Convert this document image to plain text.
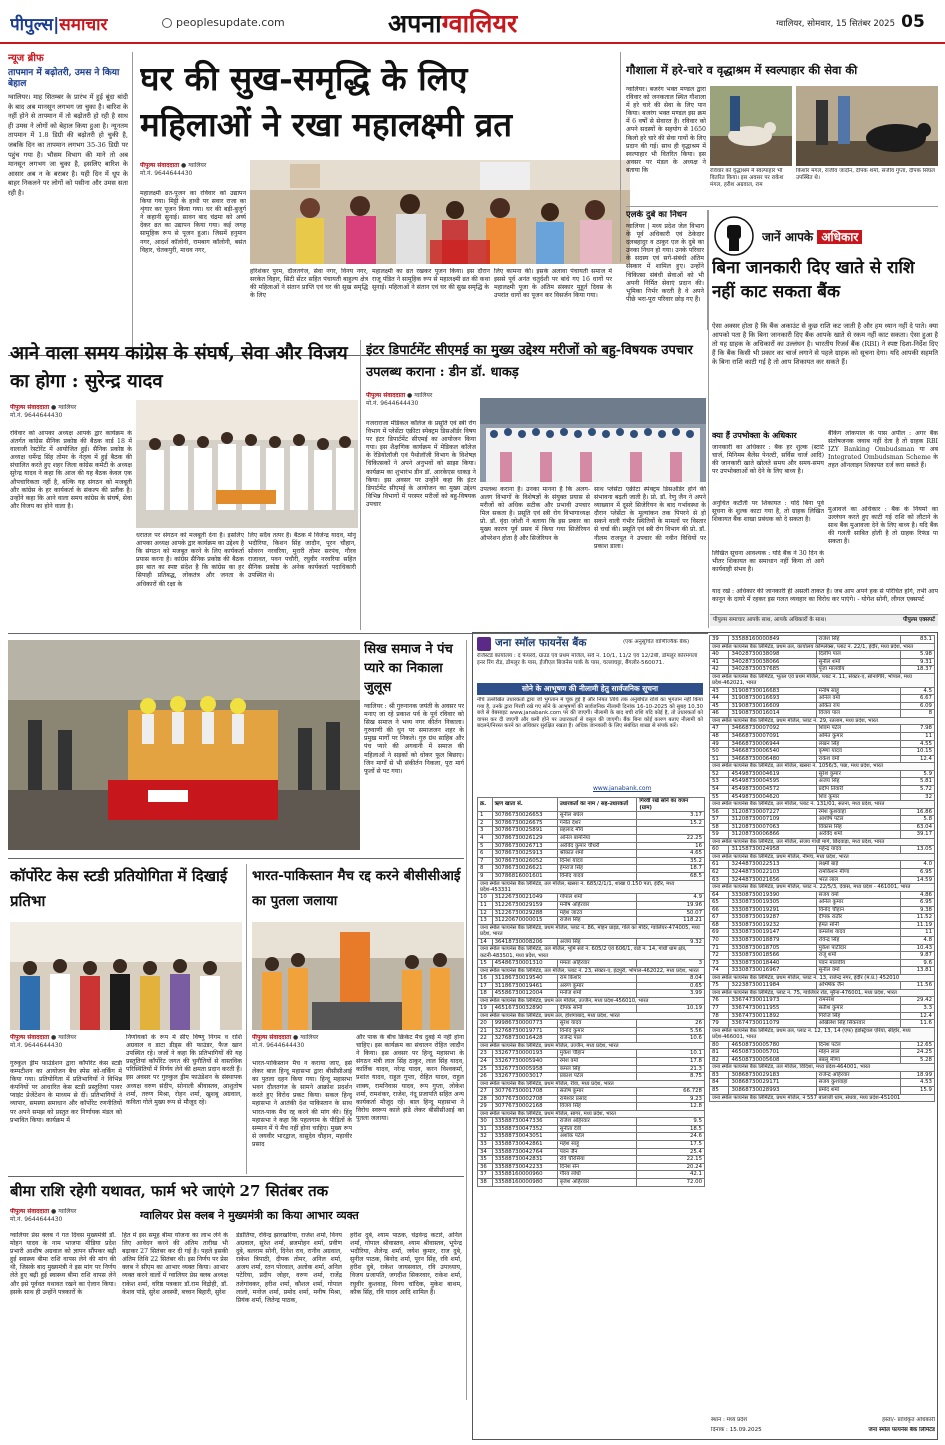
पीपुल्स|समाचार	peoplesupdate.com	अपनाग्वालियर	ग्वालियर, सोमवार, 15 सितंबर 2025 05
न्यूज ब्रीफ
तापमान में बढ़ोतरी, उमस ने किया बेहाल
ग्वालियर। माह सितम्बर के प्रारंभ में हुई बूंदा बांदी के बाद अब मानसून लगभग जा चुका है। बारिश के नहीं होने से तापमान में तो बढ़ोतरी हो रही है साथ ही उमस ने लोगों को बेहाल किया हुआ है। न्यूनतम तापमान में 1.8 डिग्री की बढ़ोतरी हो चुकी है, जबकि दिन का तापमान लगभग 35-36 डिग्री पर पहुंच गया है। भौसम विभाग की माने तो अब मानसून लगभग जा चुका है, इसलिए बारिश के आसार अब न के बराबर है। यही दिन में धूप के बाहर निकलने पर लोगों को पसीना और उमस सता रही है।
घर की सुख-समृद्धि के लिए महिलाओं ने रखा महालक्ष्मी व्रत
पीपुल्स संवाददाता ● ग्वालियर
मो.नं. 9644644430
महालक्ष्मी व्रत-पूजन का रविवार को उद्यापन किया गया। मिट्टी के हाथी पर सवार राजा का शृंगार कर पूजन किया गया। घर की बड़ी-बुजुर्ग ने कहानी सुनाई। सावन बाद चंद्रमा को अर्घ्य देकर व्रत का उद्यापन किया गया। कई जगह सामूहिक रूप से पूजन हुआ। जिसमें हनुमान नगर, आदर्श कॉलोनी, रामबाग कॉलोनी, बसंत विहार, चेतकपुरी, माधव नगर,
हरिशंकर पुरम, दौलतगंज, सेवा नगर, विनय नगर, सरकेत विहार, सिटी सेंटर सहित पंचायती बाहुल्य क्षेत्र की महिलाओं ने संतान प्राप्ति एवं घर की सुख समृद्धि के लिए
महालक्ष्मी का व्रत रखकर पूजन किया। इस दौरान राजू पंडित ने सामूहिक रूप से महालक्ष्मी व्रत की कथा सुनाई। महिलाओं ने संतान एवं घर की सुख समृद्धि के
लिए कामना की। इसके अलावा पंचायती समाज में इससे पूर्व अनंत चतुर्दशी पर बांधे गए 16 धागों पर महालक्ष्मी पूजा के अंतिम संस्कार मुहूर्त दिवस के उपरांत धागों का पूजन कर विसर्जन किया गया।
गौशाला में हरे-चारे व वृद्धाश्रम में स्वल्पाहार की सेवा की
ग्वालियर। बजरंग भक्त मण्डल द्वारा रविवार को जनकताल स्थित गौशाला में हरे चारे की सेवा के लिए पान किया। बजरंग भक्त मण्डल इस क्रम में 6 वर्षों से सेवारत है। रविवार को अपने सदस्यों के सहयोग से 1650 किलो हरे चारे की सेवा गायों के लिए प्रदान की गई। साथ ही वृद्धाश्रम में स्वल्पाहार भी वितरित किया। इस अवसर पर मंडल के अध्यक्ष ने बताया कि	रविवार को वृद्धाश्रम में स्वल्पाहार भी वितरित किया। इस अवसर पर राकेश मंगल, हरीश अग्रवाल, राम
किशोर मंगल, राजीव जादौन, दीपक शर्मा, संजीव गुप्ता, दीपक सिंघल उपस्थित थे।
एलके दुबे का निधन
ग्वालियर | मध्य प्रदेश जेल विभाग के पूर्व अधिकारी एवं ठेकेदार दलबहादुर व ठाकुर एल के दुबे का उनका निधन हो गया। उनके परिवार के सदस्य एवं सगे-संबंधी अंतिम संस्कार में शामिल हुए। उन्होंने चिकित्सा संबंधी सेवाओं को भी अपनी निर्मित सेवाएं प्रदान की। भूमिका निर्भर करती है वे अपने पीछे भरा-पूरा परिवार छोड़ गए हैं।
जानें आपके अधिकार
बिना जानकारी दिए खाते से राशि नहीं काट सकता बैंक
ऐसा अक्सर होता है कि बैंक अकाउंट से कुछ राशि कट जाती है और हम ध्यान नहीं दे पाते। क्या आपको पता है कि बिना जानकारी दिए बैंक आपके खाते से रकम नहीं काट सकता। ऐसा हुआ है तो यह ग्राहक के अधिकारों का उल्लंघन है। भारतीय रिजर्व बैंक (RBI) ने स्पष्ट दिशा-निर्देश दिए हैं कि बैंक किसी भी प्रकार का चार्ज लगाने से पहले ग्राहक को सूचना देगा। यदि आपकी सहमति के बिना राशि काटी गई है तो आप शिकायत कर सकते हैं।
क्या हैं उपभोक्ता के अधिकार
जानकारी का अधिकार : बैंक हर शुल्क (स्टार्ट चार्ज, मिनिमम बैलेंस पेनल्टी, सर्विस चार्ज आदि) की जानकारी खाते खोलते समय और समय-समय पर उपभोक्ताओं को देने के लिए बाध्य है।
अनुचित कटौती पर शिकायत : यदि बिना पूर्व सूचना के शुल्क काटा गया है, तो ग्राहक लिखित शिकायत बैंक शाखा प्रबंधक को दे सकता है।
लिखित सूचना आवश्यक : यदि बैंक ने 30 दिन के भीतर शिकायत का समाधान नहीं किया तो आगे कार्यवाही संभव है।
बैंकिंग लोकपाल के पास अपील : अगर बैंक संतोषजनक जवाब नहीं देता है तो ग्राहक RBI IZY Banking Ombudsman या अब Integrated Ombudsman Scheme के तहत ऑनलाइन शिकायत दर्ज करा सकते हैं।
मुआवजे का अधिकार : बैंक के नियमों का उल्लंघन करते हुए काटी गई राशि को लौटाने के साथ बैंक मुआवजा देने के लिए बाध्य है। यदि बैंक की गलती साबित होती है तो ग्राहक रिफंड पा सकता है।
याद रखें : अधिकार की जानकारी ही असली ताकत है। जब आप अपने हक से परिचित होंगे, तभी आप कानून के दायरे में रहकर इस गलत व्यवहार का विरोध कर पाएंगे। - योगेश सोनी, लीगल एक्सपर्ट
पीपुल्स समाचार आपके साथ, आपके अधिकारों के साथ।	पीपुल्स एक्सपर्ट
आने वाला समय कांग्रेस के संघर्ष, सेवा और विजय का होगा : सुरेन्द्र यादव
पीपुल्स संवाददाता ● ग्वालियर
मो.नं. 9644644430
रविवार को आपका अध्यक्ष आपके द्वार कार्यक्रम के अंतर्गत कांग्रेस सैनिक प्रकोष्ठ की बैठक वार्ड 18 में वालाजी रेस्टोरेंट में आयोजित हुई। सैनिक प्रकोष्ठ के अध्यक्ष धर्मेन्द्र सिंह तोमर के नेतृत्व में हुई बैठक की संचालित करते हुए शहर जिला कांग्रेस कमेटी के अध्यक्ष सुरेन्द्र यादव ने कहा कि आज की यह बैठक केवल एक औपचारिकता नहीं है, बल्कि यह संगठन को मजबूती और कांग्रेस के हर कार्यकर्ता के संकल्प की प्रतीक है। उन्होंने कहा कि आने वाला समय कांग्रेस के संघर्ष, सेवा और विजय का होने वाला है।
धरातल पर संगठन को मजबूती देना है। इसलिए आपका अध्यक्ष आपके द्वार कार्यक्रम का उद्देश्य है कि संगठन को मजबूत करने के लिए कार्यकर्ता प्रयास करना है। कांग्रेस सैनिक प्रकोष्ठ की बैठक इस बात का स्पष्ट संदेश है कि कांग्रेस का हर सिपाही प्रतिबद्ध, लोकतंत्र और जनता के अधिकारों की रक्षा के
लिए सदैव तत्पर है। बैठक में विजेन्द्र यादव, मोनू भदौरिया, किशन सिंह जादौन, पूरन चौहान, सोवरन नरवरिया, मुरारी तोमर सरपंच, गौरव राजावत, पवन पचौरी, रघुवीर नरवरिया सहित सैनिक प्रकोष्ठ के अनेक कार्यकर्ता पदाधिकारी उपस्थित थे।
इंटर डिपार्टमेंट सीएमई का मुख्य उद्देश्य मरीजों को बहु-विषयक उपचार उपलब्ध कराना : डीन डॉ. धाकड़
पीपुल्स संवाददाता ● ग्वालियर
मो.नं. 9644644430
गजराराजा मेडिकल कॉलेज के प्रसूति एवं स्त्री रोग विभाग में प्लेसेंटा एक्रीटा स्पेक्ट्रम डिसऑर्डर विषय पर इंटर डिपार्टमेंट सीएमई का आयोजन किया गया। इस शैक्षणिक कार्यक्रम में मेडिकल कॉलेज के रेडियोलॉजी एवं पैथोलॉजी विभाग के विशेषज्ञ चिकित्सकों ने अपने अनुभवों को साझा किया। कार्यक्रम का शुभारंभ डीन डॉ. आरकेएस धाकड़ ने किया। इस अवसर पर उन्होंने कहा कि इंटर डिपार्टमेंट सीएमई के आयोजन का मुख्य उद्देश्य विभिन्न विभागों में परस्पर मरीजों को बहु-विषयक उपचार
उपलब्ध कराना है। उनका मानना है कि अलग-अलग विभागों के विशेषज्ञों के संयुक्त प्रयास से मरीजों को अधिक सटीक और प्रभावी उपचार मिल सकता है। प्रसूति एवं स्त्री रोग विभागाध्यक्ष प्रो. डॉ. वृंदा जोशी ने बताया कि इस प्रकार का मुख्य कारण पूर्व प्रसव में किया गया सिजेरियन ऑपरेशन होता है और सिजेरियन के
साथ प्लेसेंटा एक्रीटा स्पेक्ट्रम डिसऑर्डर होने की संभावना बढ़ती जाती है। प्रो. डॉ. रेणु जैन ने अपने व्याख्यान में दूसरे सिजेरियन के बाद गर्भावस्था के दौरान प्लेसेंटा के मूल्यांकन तक पिपरने से हो सकने वाली गंभीर स्थितियों के मामलों पर विस्तार से चर्चा की। प्रसूति एवं स्त्री रोग विभाग की प्रो. डॉ. नीलम राजपूत ने उपचार की नवीन विधियों पर प्रकाश डाला।
सिख समाज ने पंच प्यारे का निकाला जुलूस
ग्वालियर : श्री गुरुनानक जयंती के अवसर पर मनाए जा रहे प्रकाश पर्व के पूर्व रविवार को सिख समाज ने भव्य नगर कीर्तन निकाला। गुरुवाणी की धुन पर समाजजन शहर के प्रमुख मार्गों पर निकले। गुरु ग्रंथ साहिब और पंच प्यारे की अगवानी में समाज की महिलाओं ने सड़कों को धोकर फूल बिछाए। जिन मार्गों से भी संकीर्तन निकला, पूरा मार्ग फूलों से पट गया।
कॉर्पोरेट केस स्टडी प्रतियोगिता में दिखाई प्रतिभा
पीपुल्स संवाददाता ● ग्वालियर
मो.नं. 9644644430
गुरुकुल ड्रीम फाउंडेशन द्वारा कॉर्पोरेट केस स्टडी कम्पटीशन का आयोजन बैच स्पेस को-वर्किंग में किया गया। प्रतियोगिता में प्रतिभागियों ने विभिन्न कंपनियों पर आधारित केस स्टडी प्रस्तुतियां पावर प्वाइंट प्रेजेंटेशन के माध्यम से दीं। प्रतिभागियों ने व्यापार, समस्या समाधान और कॉर्पोरेट रणनीतियों पर अपने समझ को प्रस्तुत कर निर्णायक मंडल को प्रभावित किया। कार्यक्रम में
निर्णायकों के रूप में सीए विष्णु निगम व राशि अग्रवाल व डाटा डीड्स की फाउंडर, फैज खान उपस्थित रहे। जजों ने कहा कि प्रतिभागियों की यह प्रस्तुतियां कॉर्पोरेट जगत की चुनौतियों से वास्तविक परिस्थितियों में निर्णय लेने की क्षमता प्रदान करती हैं। इस अवसर पर गुरुकुल ड्रीम फाउंडेशन के संस्थापक अध्यक्ष वरुण संदीप, सोनाली श्रीवास्तव, आशुतोष शर्मा, तरुण मिश्रा, रोहन शर्मा, खुशबू अग्रवाल, कविता गोले मुख्य रूप से मौजूद रहे।
भारत-पाकिस्तान मैच रद्द करने बीसीसीआई का पुतला जलाया
पीपुल्स संवाददाता ● ग्वालियर
मो.नं. 9644644430
भारत-पाकिस्तान मैच न कराया जाए, इसे लेकर बाल हिन्दू महासभा द्वारा बीसीसीआई का पुतला दहन किया गया। हिन्दू महासभा भवन दौलतगंज के सामने आक्रोश प्रदर्शन करते हुए विरोध प्रकट किया। सकल हिन्दू महासभा ने आतंकी देश पाकिस्तान के साथ भारत-पाक मैच रद्द करने की मांग की। हिंदू महासभा ने कहा कि पहलगाम के पीड़ितों के सम्मान में ये मैच नहीं होना चाहिए। मुख्य रूप से जयवीर भारद्वाज, वासुदेव चौहान, महावीर प्रसाद
और पाक के बीच क्रिकेट मैच दुबई में नहीं होना चाहिए। इस कार्यक्रम का संचालन रोहित जादौन ने किया। इस अवसर पर हिन्दू महासभा के संगठन मंत्री लाल सिंह ठाकुर, लाल सिंह यादव, कार्तिक यादव, नरेन्द्र यादव, करन विश्वकर्मा, प्रशांत यादव, राहुल गुप्ता, रोहित यादव, राहुल शाक्य, रामनिवास यादव, रूप गुप्ता, लोकेश शर्मा, रामशंकर, राजेश, नंदू प्रजापति सहित अन्य कार्यकर्ता मौजूद रहे। बाल हिन्दू महासभा ने विरोध स्वरूप काले झंडे लेकर बीसीसीआई का पुतला जलाया।
बीमा राशि रहेगी यथावत, फार्म भरे जाएंगे 27 सितंबर तक
पीपुल्स संवाददाता ● ग्वालियर
मो.नं. 9644644430	ग्वालियर प्रेस क्लब ने मुख्यमंत्री का किया आभार व्यक्त
ग्वालियर प्रेस क्लब ने गत दिवस मुख्यमंत्री डॉ. मोहन यादव के नाम भाजपा मीडिया प्रदेश प्रभारी आशीष अग्रवाल को ज्ञापन सौंपकर बढ़ी हुई स्वास्थ्य बीमा राशि वापस लेने की मांग की थी, जिसके बाद मुख्यमंत्री ने इस मांग पर निर्णय लेते हुए बढ़ी हुई स्वास्थ्य बीमा राशि वापस लेने और इसे पूर्ववत यथावत रखने का ऐलान किया। इसके साथ ही उन्होंने पत्रकारों के
हित में इस समूह बीमा योजना का लाभ लेने के लिए आवेदन करने की अंतिम तारीख भी बढ़ाकर 27 सितंबर कर दी गई है। पहले इसकी अंतिम तिथि 22 सितंबर थी। इस निर्णय पर प्रेस क्लब ने सीएम का आभार व्यक्त किया। आभार व्यक्त करने वालों में ग्वालियर प्रेस क्लब अध्यक्ष राकेश शर्मा, वरिष्ठ पत्रकार डॉ.राम विद्रोही, डॉ. केशव पांडे, सुरेश अवस्थी, बच्चन बिहारी, सुरेश
डंडोतिया, रविन्द्र झारखरिया, राजेश शर्मा, विनय अग्रवाल, सुरेश शर्मा, ब्रजमोहन शर्मा, प्रवीण दुबे, बलराम सोनी, दिनेश राव, रानीव अग्रवाल, राकेश त्रिपाठी, दीपक तोमर, अनिल शर्मा, अजय शर्मा, रतन पोरवाल, अलोक शर्मा, अनिल पटेरिया, प्रदीप जोहर, वरुण शर्मा, राजेंद्र तलेगांवकर, हरीश शर्मा, कौशल शर्मा, गोपाल लालो, मनोज शर्मा, प्रमोद शर्मा, मनीष मिश्रा, प्रियंक शर्मा, जितेन्द्र पाठक,
हरीश दुबे, श्याम पाठक, चंद्रवेन्द्र कटारे, अनिल शर्मा, गोपाल श्रीवास्तव, श्याम श्रीवास्तव, भूपेन्द्र भदौरिया, शैलेन्द्र शर्मा, जयेश कुमार, राज दुबे, सुनील पाठक, बिनोद शर्मा, पूरन सिंह, रवि शर्मा, हरीश दुबे, राकेश जायसवाल, रवि उपाध्याय, विजय प्रजापति, जगदीश सिकरवार, राकेश शर्मा, रघुवीर कुशवाह, विनय चांदिक, मुकेश बाथम, कौक सिंह, रवि यादव आदि शामिल हैं।
जना स्मॉल फायनेंस बैंक	(एक अनुसूचित वाणिज्यिक बैंक)
रजिस्टर्ड कार्यालय : द फेयरवे, ग्राउंड एवं प्रथम मंजिल, सर्वे न. 10/1, 11/2 एवं 12/2बी, डोमलुर कोरमंगला इनर रिंग रोड, डोमलुर के पास, ईजीएल बिजनेस पार्क के पास, चल्लाघट्टा, बैंगलोर-560071.
सोने के आभूषण की नीलामी हेतु सार्वजनिक सूचना
नीचे उल्लेखित उधारकर्ता द्वारा जो भुगतान में चूक हुई है और नियत तिथि तक अनुबंधित राशि का भुगतान नहीं किया गया है, उनके द्वारा गिरवी रखे गए सोने के आभूषणों की सार्वजनिक नीलामी दिनांक 16-10-2025 को सुबह 10.30 बजे से वेबसाइट www.janabank.com पर की जाएगी। नीलामी के बाद बची राशि यदि कोई है, तो उधारकर्ता को वापस कर दी जाएगी और कमी होने पर उधारकर्ता से वसूल की जाएगी। बैंक बिना कोई कारण बताए नीलामी को बदलने/निरस्त करने का अधिकार सुरक्षित रखता है। अधिक जानकारी के लिए संबंधित शाखा से संपर्क करें।
www.janabank.com
क्र.	ऋण खाता सं.	उधारकर्ता का नाम / सह-उधारकर्ता	गिरवी रखे सोने का वजन (ग्राम)
1	30786730026653	सुनील बघेल	3.17
2	30786730026675	गनीत देशर	15.2
3	30786730025891	प्रहलाद मौर्य	
4	30786730026129	अनिल बामनिया	22.25
5	30786730026713	अरविंद कुमार चौधरी	16
6	30786730025913	श्रीकांत शर्मा	4.65
7	30786730026052	दिनेश यादव	35.2
8	30786730026621	हेमराज सिंह	18.7
9	30786816001601	विनोद यादव	68.5
जना स्मॉल फायनेंस बैंक लिमिटेड, तल मंजिल, खसरा नं. 685/2/1/1, शाखा 0.150 पता, इंदौर, मध्य प्रदेश-453331			
10	31226730021049	गोपाल शर्मा	4.9
11	31226730029159	मनीष अहिरवार	19.96
12	31226730029288	महेश जाटव	50.07
13	31220670000015	राजेश सिंह	118.21
जना स्मॉल फायनेंस बैंक लिमिटेड, प्रथम मंजिल, प्लाट नं. 86, मोहन प्राइड, गोले का मंदिर, ग्वालियर-474005, मध्य प्रदेश, भारत			
14	36418730008206	अजय सिंह	9.32
जना स्मॉल फायनेंस बैंक लिमिटेड, तल मंजिल, भूमि सर्वे नं. 605/2 एवं 606/1, वार्ड नं. 14, गांधी धाम क्षेत्र, कटनी-483501, मध्य प्रदेश, भारत			
15	45486730001310	ममता अहिरवार	3
जना स्मॉल फायनेंस बैंक लिमिटेड, तल मंजिल, प्लाट नं. 23, सेक्टर-ए, इंद्रपुरी, भोपाल-462022, मध्य प्रदेश, भारत			
16	31186730019540	राम किशोर	8.04
17	31186730019461	अरुण कुमार	0.65
18	45586730012004	मनोज शर्मा	3.99
जना स्मॉल फायनेंस बैंक लिमिटेड, प्रथम तल मंजिल, उज्जैन, मध्य प्रदेश-456010, भारत			
19	46516730032890	दीपक सोनी	10.19
जना स्मॉल फायनेंस बैंक लिमिटेड, प्रथम तल, होशंगाबाद, मध्य प्रदेश, भारत			
20	99986730000773	सुरेश यादव	26
21	32768730019771	विनोद कुमार	5.56
22	32768730016428	राजेन्द्र पाल	10.6
जना स्मॉल फायनेंस बैंक लिमिटेड, प्रथम मंजिल, उज्जैन, मध्य प्रदेश, भारत			
23	33267730000193	मुकेश चौहान	10.1
24	33267730005940	रमेश वर्मा	17.8
25	33267730005958	कमल सिंह	21.3
26	33267730003017	प्रकाश पटेल	8.75
जना स्मॉल फायनेंस बैंक लिमिटेड, प्रथम मंजिल, रीवा, मध्य प्रदेश, भारत			
27	30776730001708	संतोष कुमार	66.728
28	30776730002708	रामेश्वर प्रसाद	9.23
29	30776730002168	विजय सिंह	12.8
जना स्मॉल फायनेंस बैंक लिमिटेड, प्रथम मंजिल, सागर, मध्य प्रदेश, भारत			
30	33588730047336	राजेश अहिरवार	9.5
31	33588730047352	सुनीता देवी	18.5
32	33588730043051	अशोक पटेल	24.6
33	33588730042861	महेश साहू	17.5
34	33588730042764	पवन जैन	25.4
35	33588730042831	रवि चौरसिया	22.15
36	33588730042233	दिनेश सेन	20.24
37	33588160000960	गौरव लोधी	42.1
38	33588160000980	बृजेश अहिरवार	72.00
39	33588160000849	राजेश सिंह	83.1
जना स्मॉल फायनेंस बैंक लिमिटेड, प्रथम तल, कार्यालय कॉम्प्लेक्स, प्लाट नं. 22/1, इंदौर, मध्य प्रदेश, भारत			
40	34028730038098	दिलीप पाल	5.98
41	34028730038066	सुनील शर्मा	9.31
42	34028730037685	पूजा मालवीय	18.37
जना स्मॉल फायनेंस बैंक लिमिटेड, भूतल एवं प्रथम मंजिल, प्लाट नं. 11, सेक्टर-ए, सोनागिरि, भोपाल, मध्य प्रदेश-462021, भारत			
43	31908730016683	मनीष साहू	4.5
44	31908730016693	अनिल वर्मा	6.67
45	31908730016609	अंकित राय	6.09
46	31908730016014	विजय पाल	8
जना स्मॉल फायनेंस बैंक लिमिटेड, प्रथम मंजिल, प्लाट नं. 29, रतलाम, मध्य प्रदेश, भारत			
47	34668730007092	शिवम पटेल	7.98
48	34668730007091	अमित कुमार	11
49	34668730006944	लखन सिंह	4.55
50	34668730006540	कृष्णा यादव	10.15
51	34668730006480	राकेश वर्मा	12.4
जना स्मॉल फायनेंस बैंक लिमिटेड, तल मंजिल, खसरा नं. 1056/3, पन्ना, मध्य प्रदेश, भारत			
52	45498730004619	सुरेश कुमार	5.9
53	45498730004595	अजय सिंह	5.81
54	45498730004572	प्रदीप तिवारी	5.72
55	45498730004620	शिव कुमार	32
जना स्मॉल फायनेंस बैंक लिमिटेड, तल मंजिल, प्लाट नं. 131/01, सतना, मध्य प्रदेश, भारत			
56	31208730007227	रमेश कुशवाहा	16.86
57	31208730007109	आशीष पटेल	5.8
58	31208730007063	विकास सिंह	63.04
59	31208730006866	अरविंद शर्मा	39.17
जना स्मॉल फायनेंस बैंक लिमिटेड, तल मंजिल, संजय गांधी मार्ग, छिंदवाड़ा, मध्य प्रदेश, भारत			
60	31158730024958	महेन्द्र यादव	13.05
जना स्मॉल फायनेंस बैंक लिमिटेड, प्रथम मंजिल, नीमच, मध्य प्रदेश, भारत			
61	32448730022513	लक्ष्मी बाई	4.0
62	32448730022103	रामकिशन मीणा	6.95
63	32448730021656	भरत लाल	14.59
जना स्मॉल फायनेंस बैंक लिमिटेड, प्रथम मंजिल, प्लाट नं. 22/5/3, देवास, मध्य प्रदेश - 461001, भारत			
64	33308730019390	संजय वर्मा	4.86
65	33308730019305	अनिल कुमार	6.95
66	33308730019291	विनोद चौहान	9.38
67	33308730019287	दीपक राठौर	11.52
68	33308730019232	हेमंत सोनी	11.19
69	33308730019147	कमलेश यादव	11
70	33308730018879	रविन्द्र सिंह	4.8
71	33308730018705	मुकेश पाटीदार	10.43
72	33308730018566	राजू शर्मा	9.87
73	33308730018440	पवन मालवीय	9.6
74	33308730016967	सुनील वर्मा	13.81
जना स्मॉल फायनेंस बैंक लिमिटेड, प्रथम मंजिल, प्लाट नं. 13, राजेन्द्र नगर, इंदौर (म.प्र.) 452010			
75	32238730011984	अभिषेक जैन	11.56
जना स्मॉल फायनेंस बैंक लिमिटेड, प्लाट नं. 75, ग्वालियर रोड, मुरैना-476001, मध्य प्रदेश, भारत			
76	33674730011973	रामनरेश	29.42
77	33674730011955	सतीश कुमार	3.3
78	33674730011892	गिर्राज सिंह	12.4
79	33674730011079	अखिलेश सिंह सिकरवार	11.6
जना स्मॉल फायनेंस बैंक लिमिटेड, प्रथम तल, प्लाट नं. 12, 13, 14 (एफ) इंडस्ट्रियल एरिया, सीहोर, मध्य प्रदेश-466001, भारत			
80	46508730005780	दिनेश पटेल	12.65
81	46508730005701	मोहन लाल	24.25
82	46508730005608	बबलू मीणा	5.28
जना स्मॉल फायनेंस बैंक लिमिटेड, तल मंजिल, विदिशा, मध्य प्रदेश-464001, भारत			
83	30868730029183	राजेन्द्र अहिरवार	18.99
84	30868730029171	संजय कुशवाहा	4.53
85	30868730028993	प्रमोद शर्मा	15.9
जना स्मॉल फायनेंस बैंक लिमिटेड, प्रथम मंजिल, नं 557 बालाजी धाम, सेंधवा, मध्य प्रदेश-451001			
स्थान : मध्य प्रदेश
दिनांक : 15.09.2025
हस्ता/- प्राधिकृत अधिकारी
जना स्मॉल फायनेंस बैंक लिमिटेड
